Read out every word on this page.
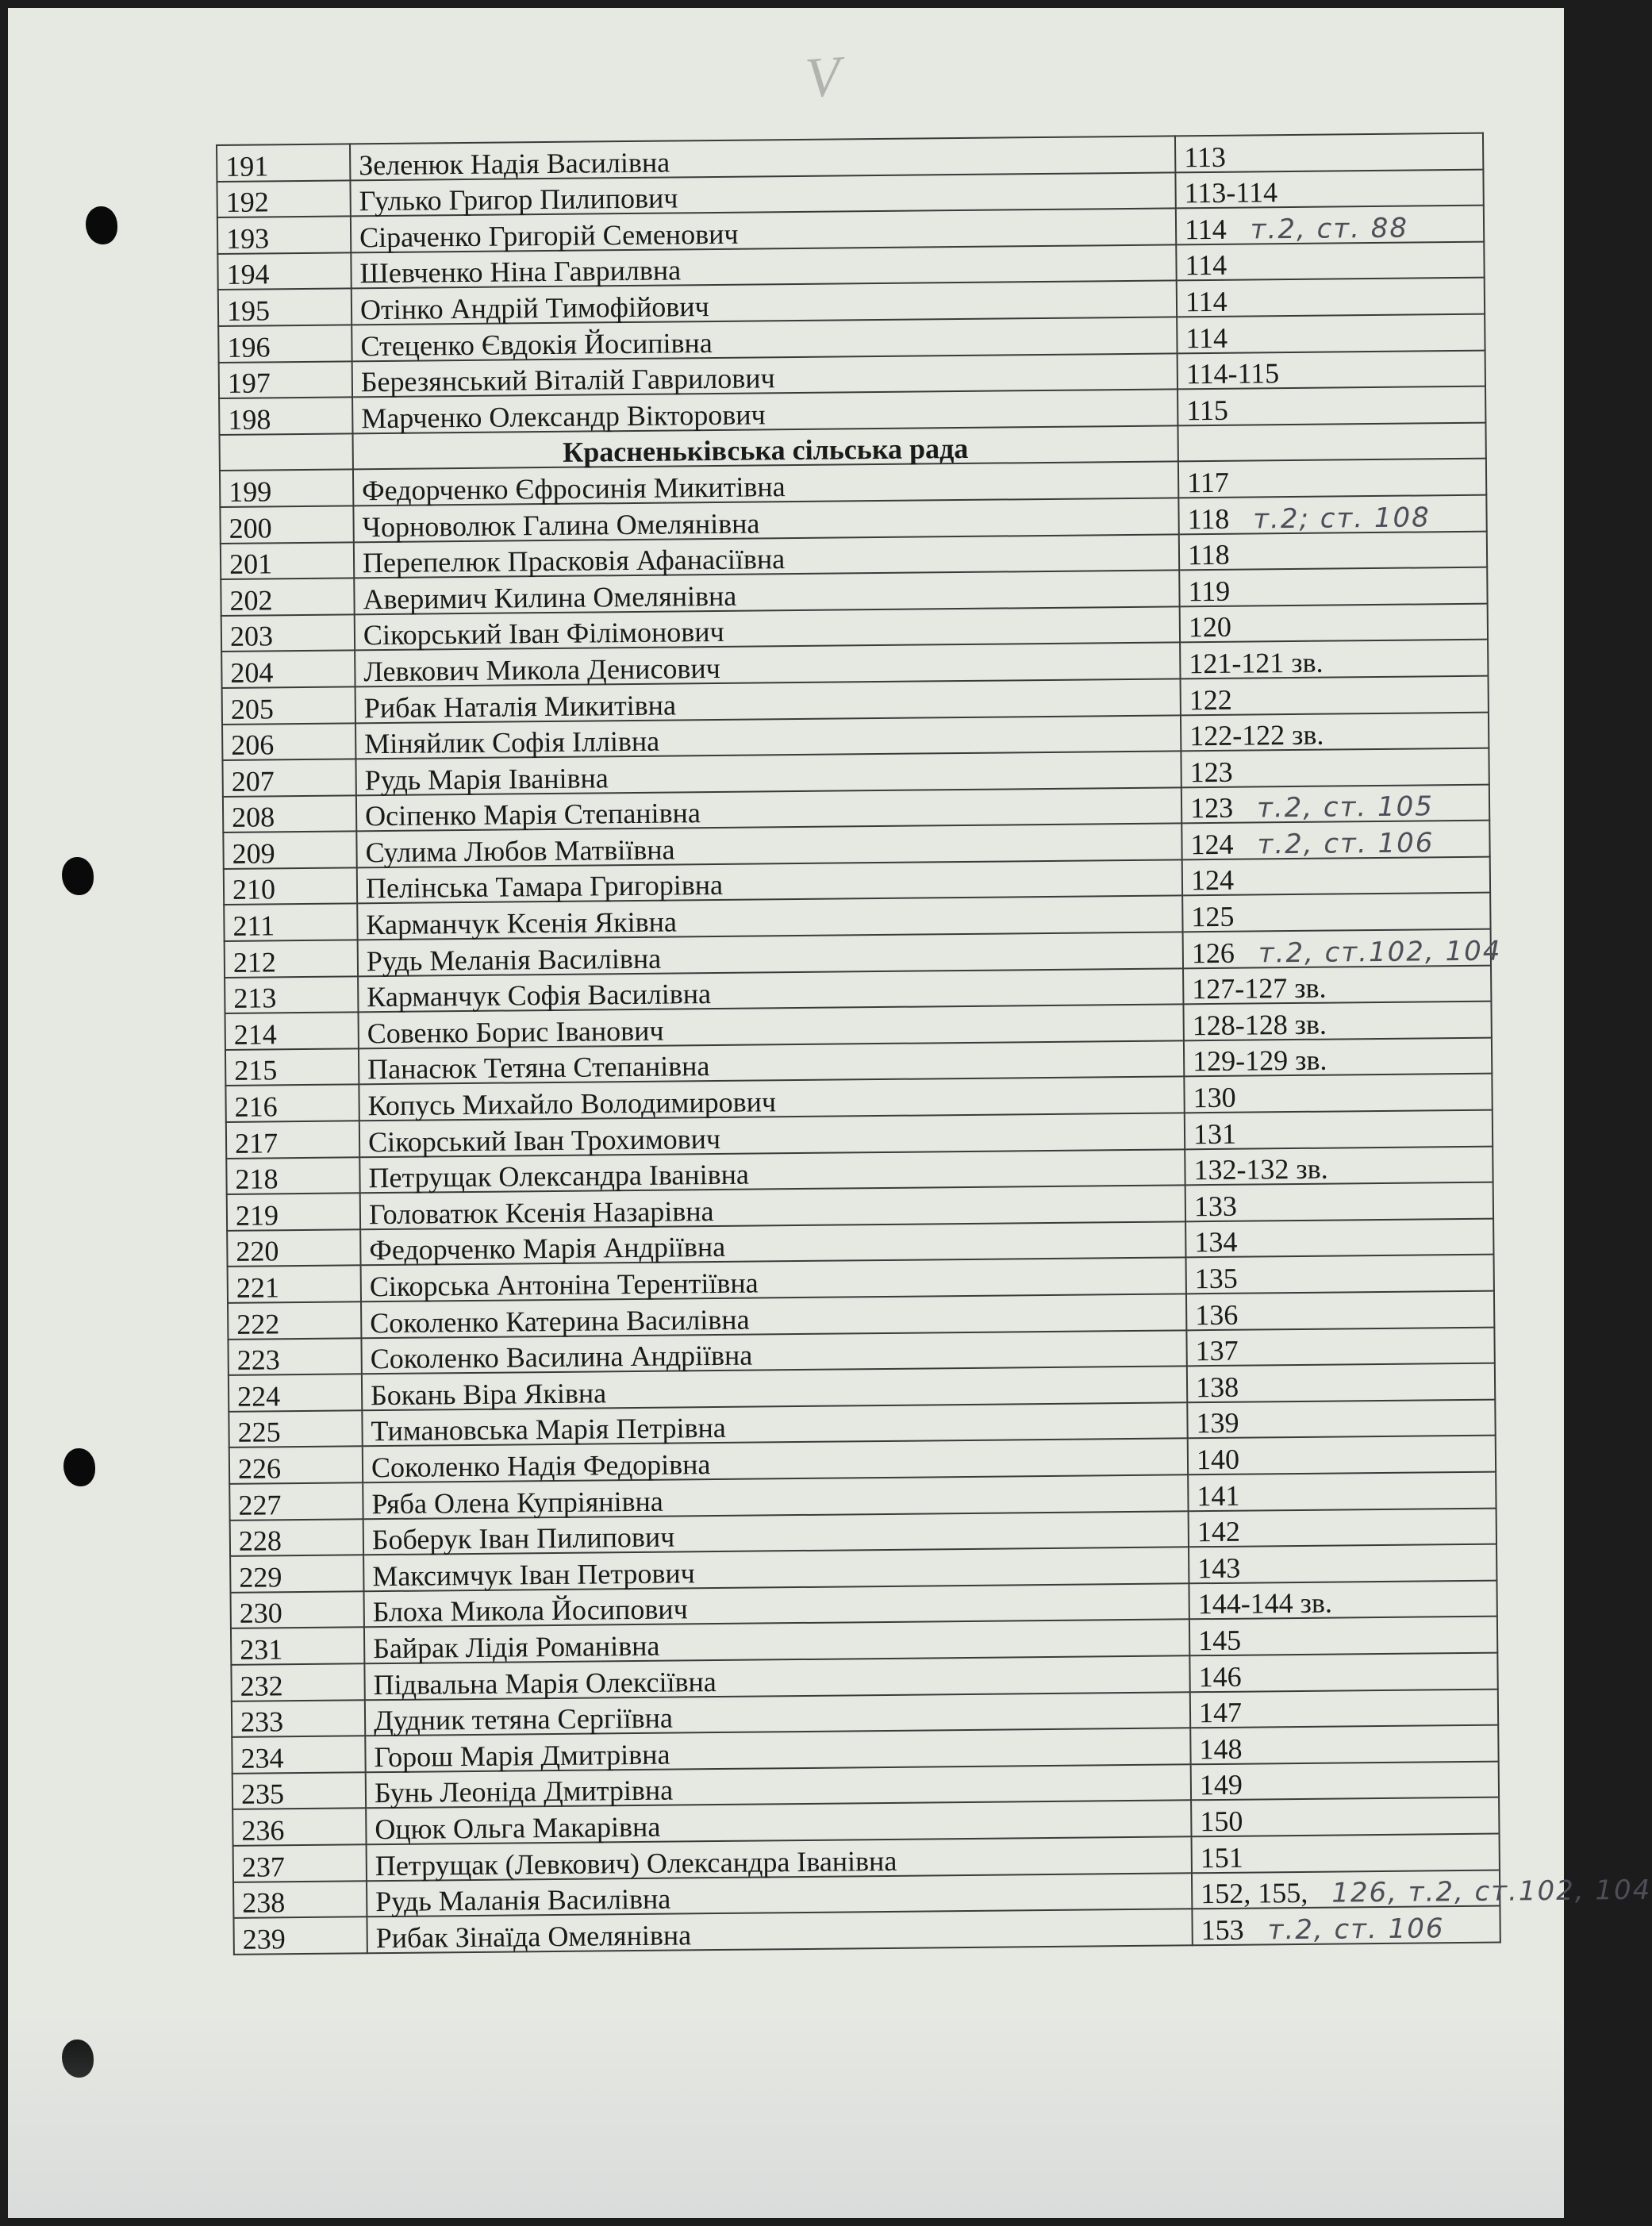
V
191	Зеленюк Надія Василівна	113
192	Гулько Григор Пилипович	113-114
193	Сіраченко Григорій Семенович	114 т.2, ст. 88
194	Шевченко Ніна Гаврилвна	114
195	Отінко Андрій Тимофійович	114
196	Стеценко Євдокія Йосипівна	114
197	Березянський Віталій Гаврилович	114-115
198	Марченко Олександр Вікторович	115
	Красненьківська сільська рада	
199	Федорченко Єфросинія Микитівна	117
200	Чорноволюк Галина Омелянівна	118 т.2; ст. 108
201	Перепелюк Прасковія Афанасіївна	118
202	Аверимич Килина Омелянівна	119
203	Сікорський Іван Філімонович	120
204	Левкович Микола Денисович	121-121 зв.
205	Рибак Наталія Микитівна	122
206	Міняйлик Софія Іллівна	122-122 зв.
207	Рудь Марія Іванівна	123
208	Осіпенко Марія Степанівна	123 т.2, ст. 105
209	Сулима Любов Матвіївна	124 т.2, ст. 106
210	Пелінська Тамара Григорівна	124
211	Карманчук Ксенія Яківна	125
212	Рудь Меланія Василівна	126 т.2, ст.102, 104
213	Карманчук Софія Василівна	127-127 зв.
214	Совенко Борис Іванович	128-128 зв.
215	Панасюк Тетяна Степанівна	129-129 зв.
216	Копусь Михайло Володимирович	130
217	Сікорський Іван Трохимович	131
218	Петрущак Олександра Іванівна	132-132 зв.
219	Головатюк Ксенія Назарівна	133
220	Федорченко Марія Андріївна	134
221	Сікорська Антоніна Терентіївна	135
222	Соколенко Катерина Василівна	136
223	Соколенко Василина Андріївна	137
224	Бокань Віра Яківна	138
225	Тимановська Марія Петрівна	139
226	Соколенко Надія Федорівна	140
227	Ряба Олена Купріянівна	141
228	Боберук Іван Пилипович	142
229	Максимчук Іван Петрович	143
230	Блоха Микола Йосипович	144-144 зв.
231	Байрак Лідія Романівна	145
232	Підвальна Марія Олексіївна	146
233	Дудник тетяна Сергіївна	147
234	Горош Марія Дмитрівна	148
235	Бунь Леоніда Дмитрівна	149
236	Оцюк Ольга Макарівна	150
237	Петрущак (Левкович) Олександра Іванівна	151
238	Рудь Маланія Василівна	152, 155, 126, т.2, ст.102, 104
239	Рибак Зінаїда Омелянівна	153 т.2, ст. 106
